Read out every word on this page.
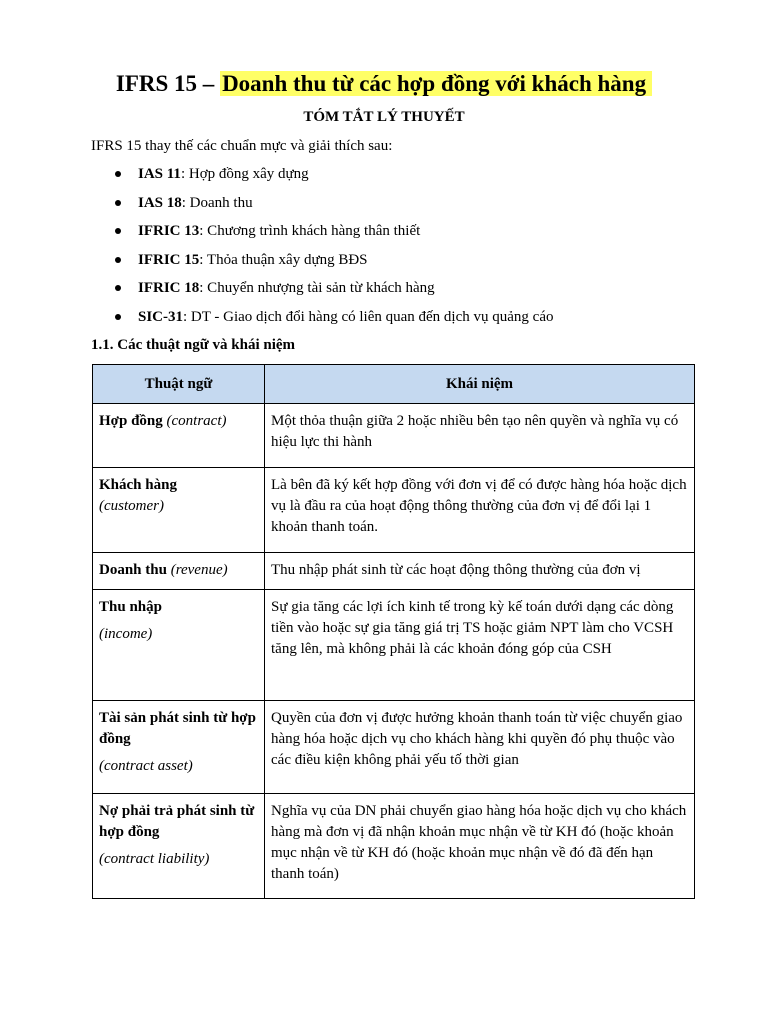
IFRS 15 – Doanh thu từ các hợp đồng với khách hàng
TÓM TẮT LÝ THUYẾT
IFRS 15 thay thế các chuẩn mực và giải thích sau:
IAS 11: Hợp đồng xây dựng
IAS 18: Doanh thu
IFRIC 13: Chương trình khách hàng thân thiết
IFRIC 15: Thỏa thuận xây dựng BĐS
IFRIC 18: Chuyển nhượng tài sản từ khách hàng
SIC-31: DT - Giao dịch đổi hàng có liên quan đến dịch vụ quảng cáo
1.1. Các thuật ngữ và khái niệm
Thuật ngữ	Khái niệm
Hợp đồng (contract)	Một thỏa thuận giữa 2 hoặc nhiều bên tạo nên quyền và nghĩa vụ có hiệu lực thi hành
Khách hàng
(customer)	Là bên đã ký kết hợp đồng với đơn vị để có được hàng hóa hoặc dịch vụ là đầu ra của hoạt động thông thường của đơn vị để đổi lại 1 khoản thanh toán.
Doanh thu (revenue)	Thu nhập phát sinh từ các hoạt động thông thường của đơn vị
Thu nhập
(income)	Sự gia tăng các lợi ích kinh tế trong kỳ kế toán dưới dạng các dòng tiền vào hoặc sự gia tăng giá trị TS hoặc giảm NPT làm cho VCSH tăng lên, mà không phải là các khoản đóng góp của CSH
Tài sản phát sinh từ hợp đồng
(contract asset)	Quyền của đơn vị được hưởng khoản thanh toán từ việc chuyển giao hàng hóa hoặc dịch vụ cho khách hàng khi quyền đó phụ thuộc vào các điều kiện không phải yếu tố thời gian
Nợ phải trả phát sinh từ hợp đồng
(contract liability)	Nghĩa vụ của DN phải chuyển giao hàng hóa hoặc dịch vụ cho khách hàng mà đơn vị đã nhận khoản mục nhận về từ KH đó (hoặc khoản mục nhận về từ KH đó (hoặc khoản mục nhận về đó đã đến hạn thanh toán)
